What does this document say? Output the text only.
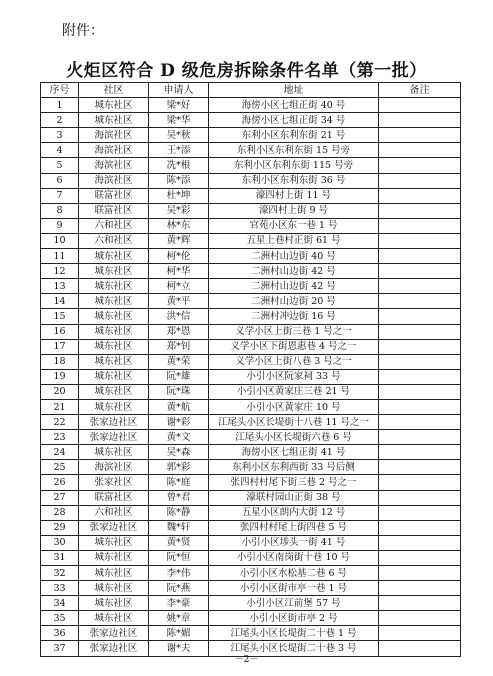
附件：
火炬区符合 D 级危房拆除条件名单（第一批）
序号	社区	申请人	地址	备注
1	城东社区	梁*好	海傍小区七组正街 40 号	
2	城东社区	梁*华	海傍小区七组正街 34 号	
3	海滨社区	吴*秋	东利小区东利东街 21 号	
4	海滨社区	王*添	东利小区东利东街 15 号旁	
5	海滨社区	冼*根	东利小区东利东街 115 号旁	
6	海滨社区	陈*添	东利小区东利东街 36 号	
7	联富社区	杜*坤	濠四村上街 11 号	
8	联富社区	吴*彩	濠四村上街 9 号	
9	六和社区	林*东	官苑小区东一巷 1 号	
10	六和社区	黄*辉	五星上巷村正街 61 号	
11	城东社区	柯*伦	二洲村山边街 40 号	
12	城东社区	柯*华	二洲村山边街 42 号	
13	城东社区	柯*立	二洲村山边街 42 号	
14	城东社区	黄*平	二洲村山边街 20 号	
15	城东社区	洪*信	二洲村冲边街 16 号	
16	城东社区	郑*恩	义学小区上街三巷 1 号之一	
17	城东社区	郑*钊	义学小区下街恩惠巷 4 号之一	
18	城东社区	黄*荣	义学小区上街八巷 3 号之一	
19	城东社区	阮*雄	小引小区阮家祠 33 号	
20	城东社区	阮*珠	小引小区黄家庄三巷 21 号	
21	城东社区	黄*航	小引小区黄家庄 10 号	
22	张家边社区	谢*彩	江尾头小区长堤街十八巷 11 号之一	
23	张家边社区	黄*文	江尾头小区长堤街六巷 6 号	
24	城东社区	吴*森	海傍小区七组正街 41 号	
25	海滨社区	郭*彩	东利小区东利西街 33 号后侧	
26	张家社区	陈*庭	张四村村尾下街三巷 2 号之一	
27	联富社区	曾*君	濠联村园山正街 38 号	
28	六和社区	陈*静	五星小区朗内大街 12 号	
29	张家边社区	魏*轩	张四村村尾上街四巷 5 号	
30	城东社区	黄*贤	小引小区埗头一街 41 号	
31	城东社区	阮*恒	小引小区南岗街十巷 10 号	
32	城东社区	李*伟	小引小区水松基二巷 6 号	
33	城东社区	阮*燕	小引小区街市亭一巷 1 号	
34	城东社区	李*豪	小引小区江前堡 57 号	
35	城东社区	姚*章	小引小区街市亭 2 号	
36	张家边社区	陈*媚	江尾头小区长堤街二十巷 1 号	
37	张家边社区	谢*夫	江尾头小区长堤街二十巷 3 号	
－2－
